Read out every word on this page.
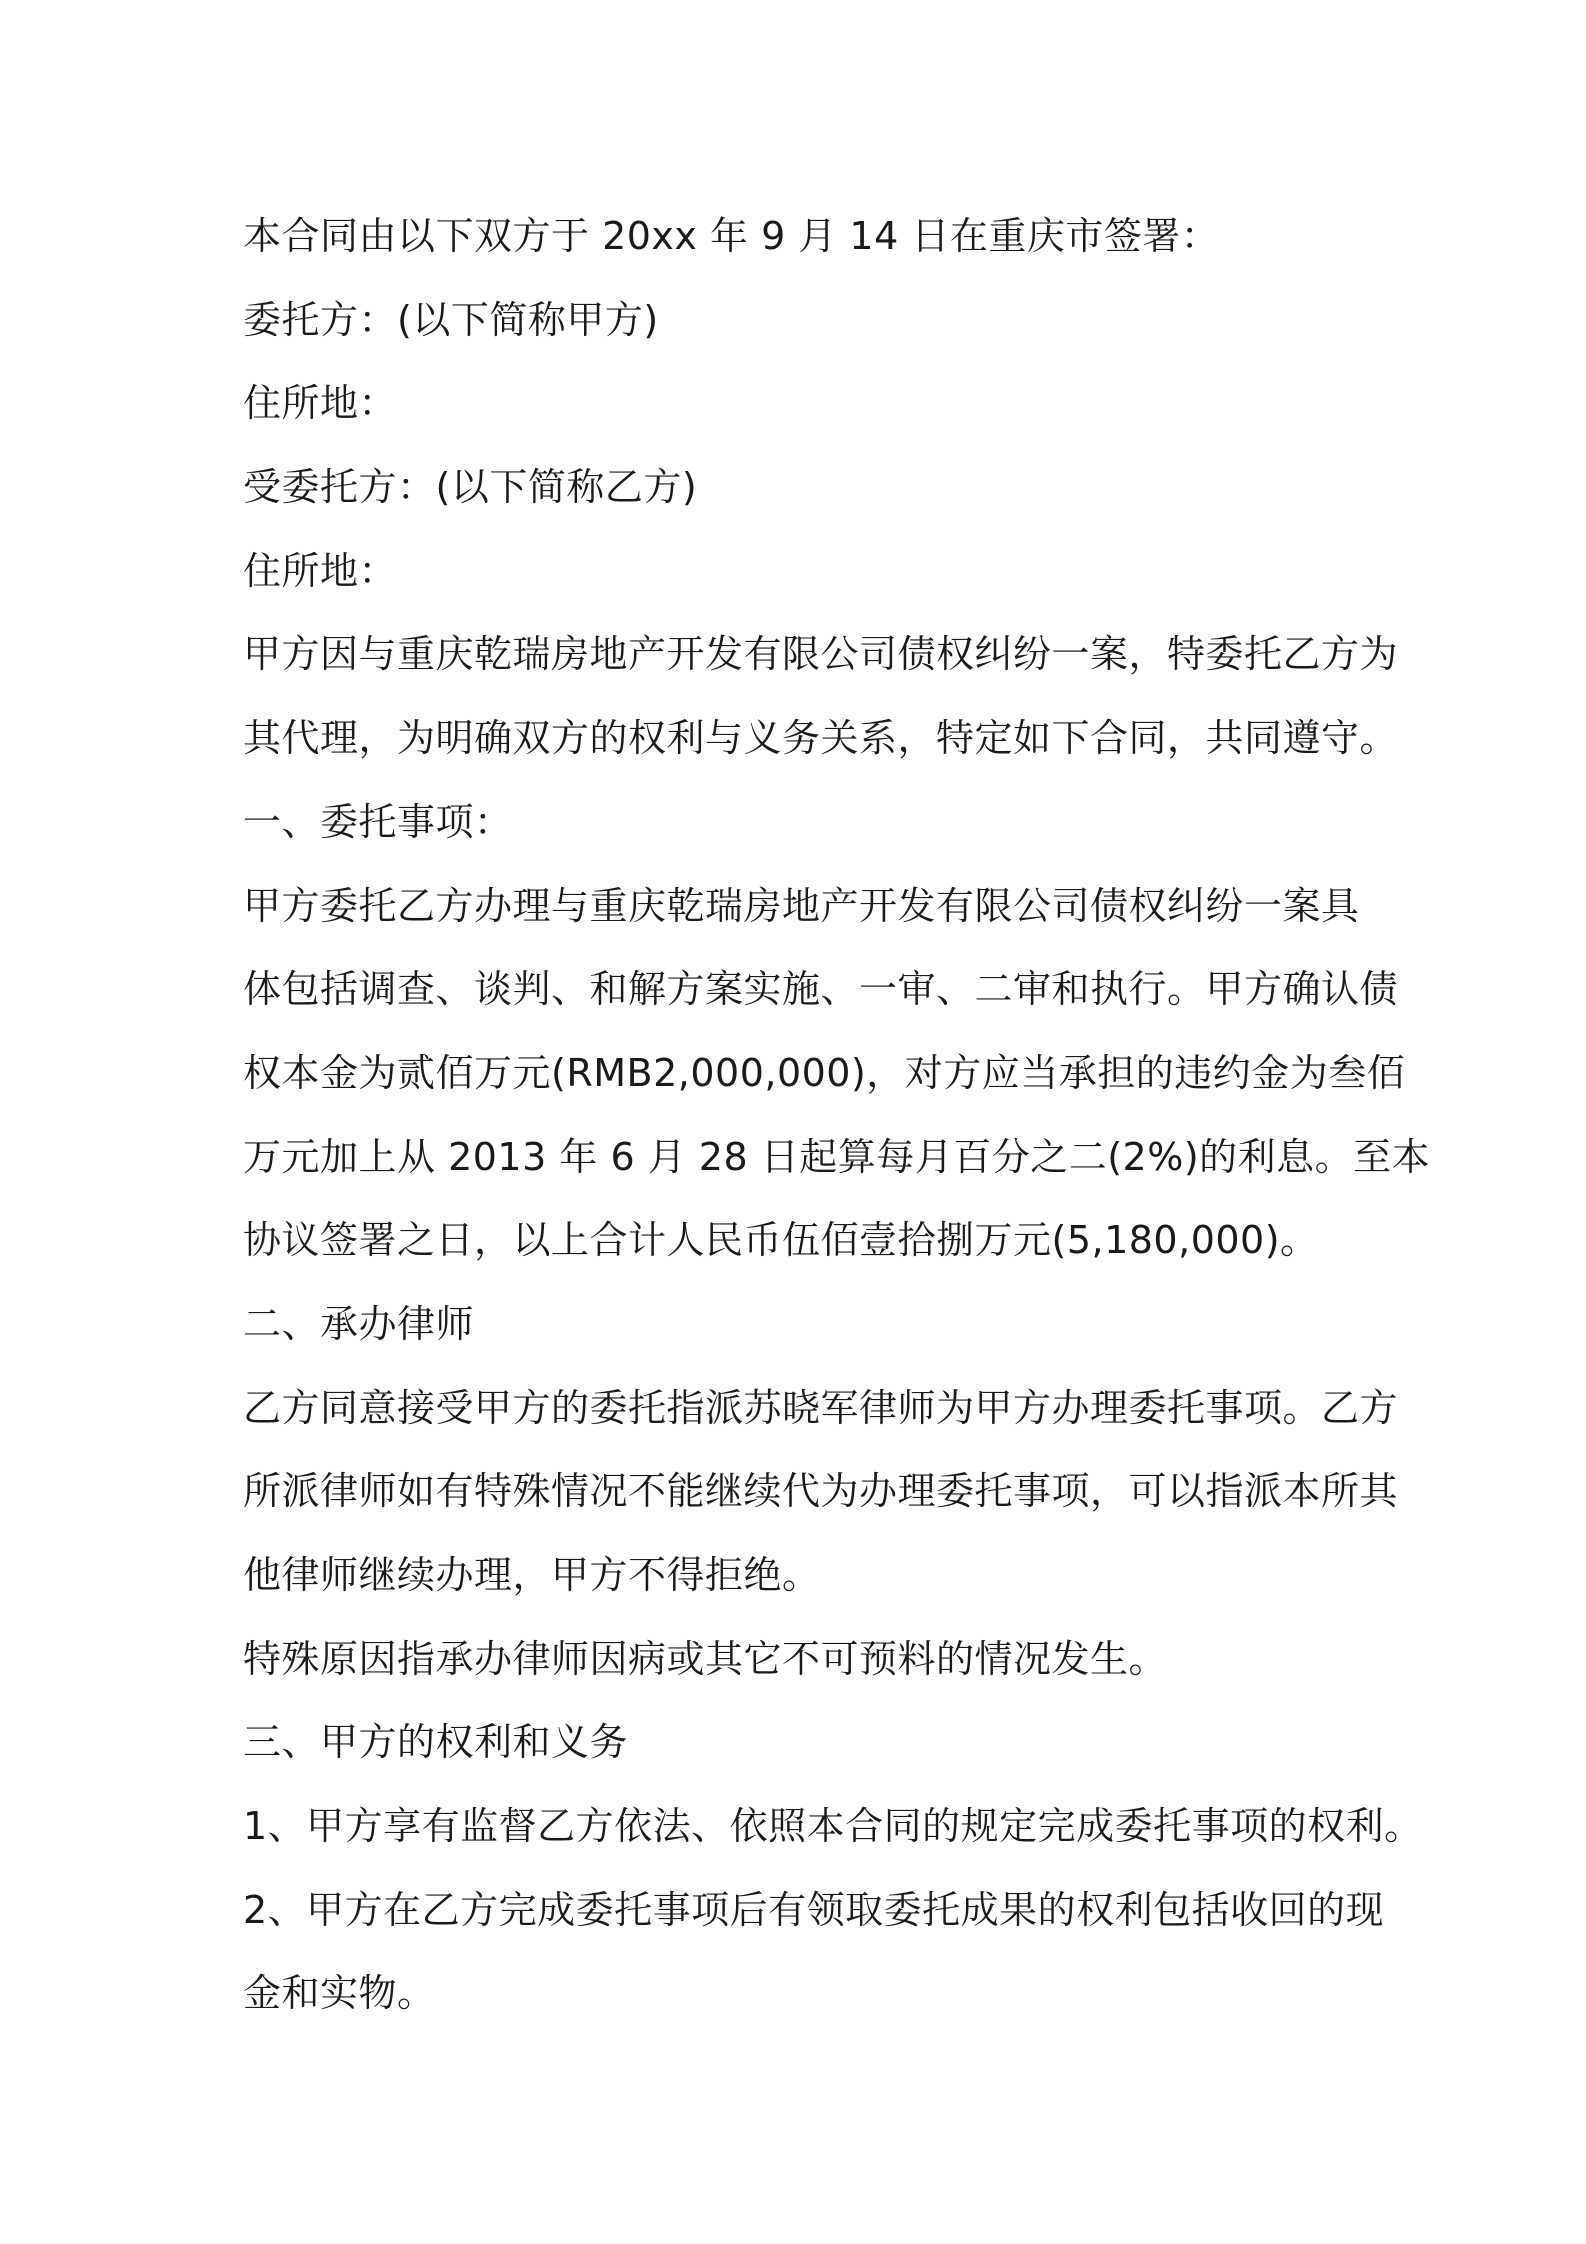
本合同由以下双方于 20xx 年 9 月 14 日在重庆市签署：
委托方：(以下简称甲方)
住所地：
受委托方：(以下简称乙方)
住所地：
甲方因与重庆乾瑞房地产开发有限公司债权纠纷一案，特委托乙方为
其代理，为明确双方的权利与义务关系，特定如下合同，共同遵守。
一、委托事项：
甲方委托乙方办理与重庆乾瑞房地产开发有限公司债权纠纷一案具
体包括调查、谈判、和解方案实施、一审、二审和执行。甲方确认债
权本金为贰佰万元(RMB2,000,000)，对方应当承担的违约金为叁佰
万元加上从 2013 年 6 月 28 日起算每月百分之二(2%)的利息。至本
协议签署之日，以上合计人民币伍佰壹拾捌万元(5,180,000)。
二、承办律师
乙方同意接受甲方的委托指派苏晓军律师为甲方办理委托事项。乙方
所派律师如有特殊情况不能继续代为办理委托事项，可以指派本所其
他律师继续办理，甲方不得拒绝。
特殊原因指承办律师因病或其它不可预料的情况发生。
三、甲方的权利和义务
1、甲方享有监督乙方依法、依照本合同的规定完成委托事项的权利。
2、甲方在乙方完成委托事项后有领取委托成果的权利包括收回的现
金和实物。
